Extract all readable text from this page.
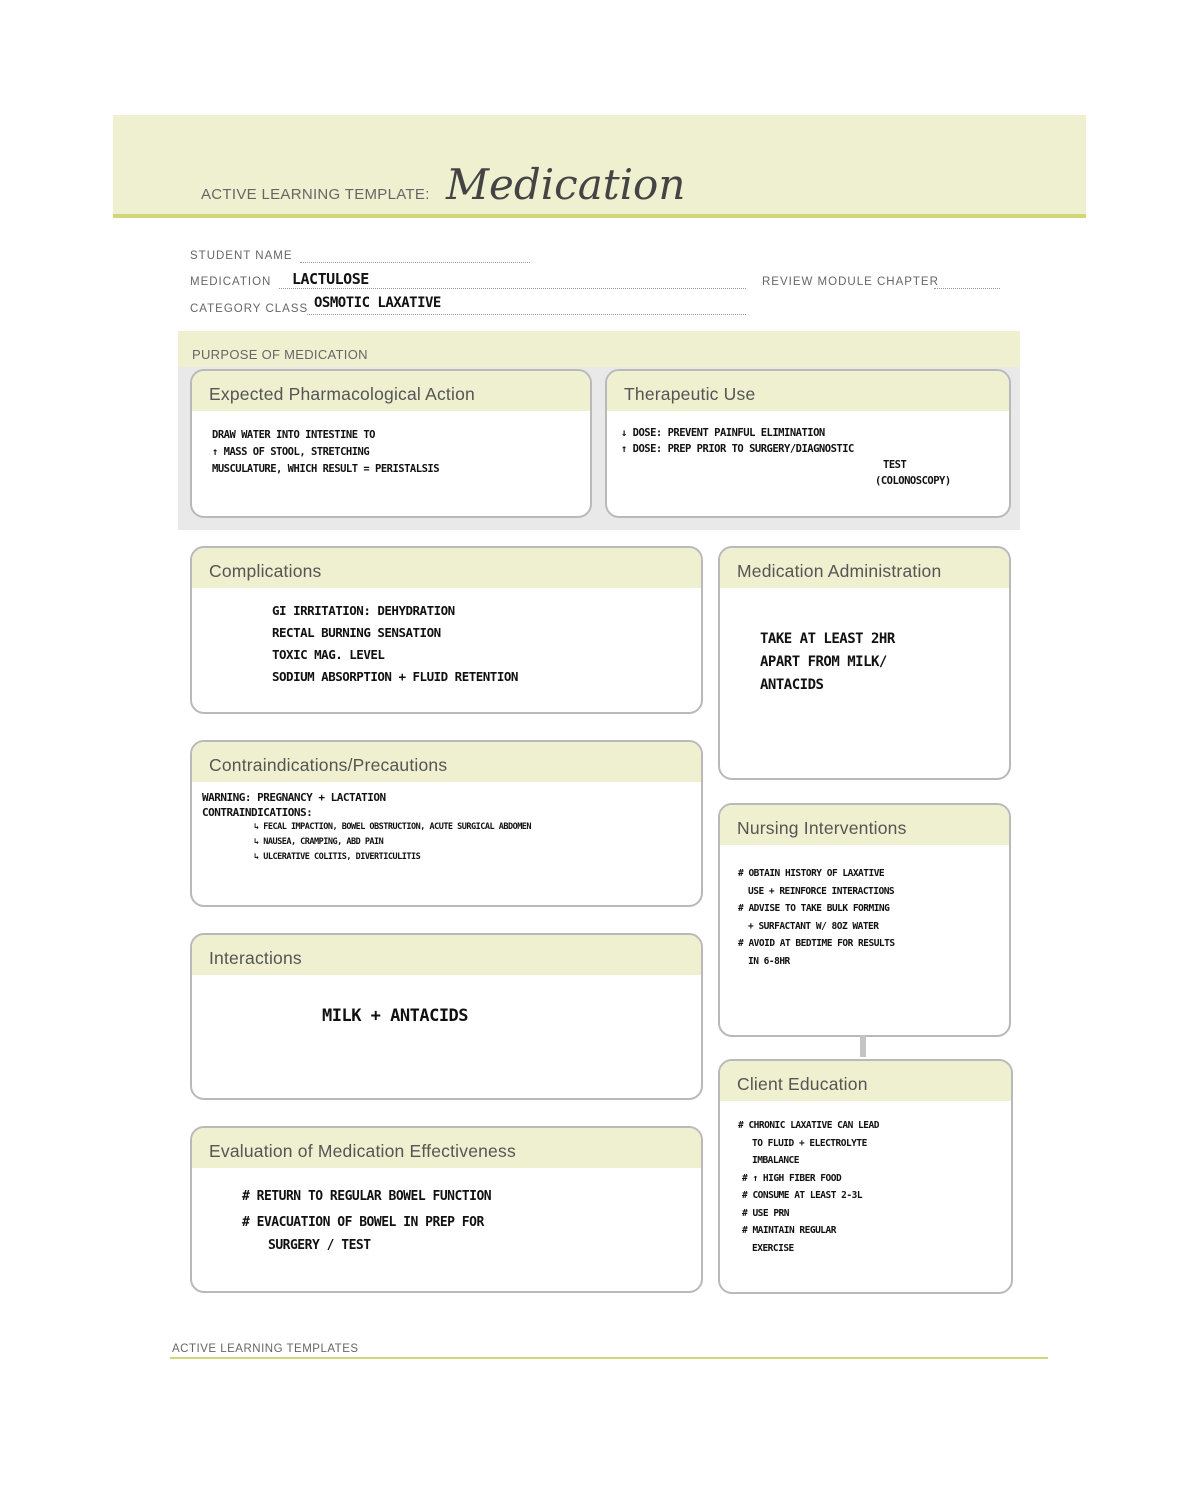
ACTIVE LEARNING TEMPLATE: Medication
STUDENT NAME
MEDICATION LACTULOSE	REVIEW MODULE CHAPTER
CATEGORY CLASS OSMOTIC LAXATIVE
PURPOSE OF MEDICATION
Expected Pharmacological Action
DRAW WATER INTO INTESTINE TO
↑ MASS OF STOOL, STRETCHING
MUSCULATURE, WHICH RESULT = PERISTALSIS
Therapeutic Use
↓ DOSE: PREVENT PAINFUL ELIMINATION
↑ DOSE: PREP PRIOR TO SURGERY/DIAGNOSTIC
TEST
(COLONOSCOPY)
Complications
GI IRRITATION: DEHYDRATION
RECTAL BURNING SENSATION
TOXIC MAG. LEVEL
SODIUM ABSORPTION + FLUID RETENTION
Medication Administration
TAKE AT LEAST 2HR
APART FROM MILK/
ANTACIDS
Contraindications/Precautions
WARNING: PREGNANCY + LACTATION
CONTRAINDICATIONS:
↳ FECAL IMPACTION, BOWEL OBSTRUCTION, ACUTE SURGICAL ABDOMEN
↳ NAUSEA, CRAMPING, ABD PAIN
↳ ULCERATIVE COLITIS, DIVERTICULITIS
Nursing Interventions
# OBTAIN HISTORY OF LAXATIVE
USE + REINFORCE INTERACTIONS
# ADVISE TO TAKE BULK FORMING
+ SURFACTANT W/ 8OZ WATER
# AVOID AT BEDTIME FOR RESULTS
IN 6-8HR
Interactions
MILK + ANTACIDS
Client Education
# CHRONIC LAXATIVE CAN LEAD
TO FLUID + ELECTROLYTE
IMBALANCE
# ↑ HIGH FIBER FOOD
# CONSUME AT LEAST 2-3L
# USE PRN
# MAINTAIN REGULAR
EXERCISE
Evaluation of Medication Effectiveness
# RETURN TO REGULAR BOWEL FUNCTION
# EVACUATION OF BOWEL IN PREP FOR
SURGERY / TEST
ACTIVE LEARNING TEMPLATES
